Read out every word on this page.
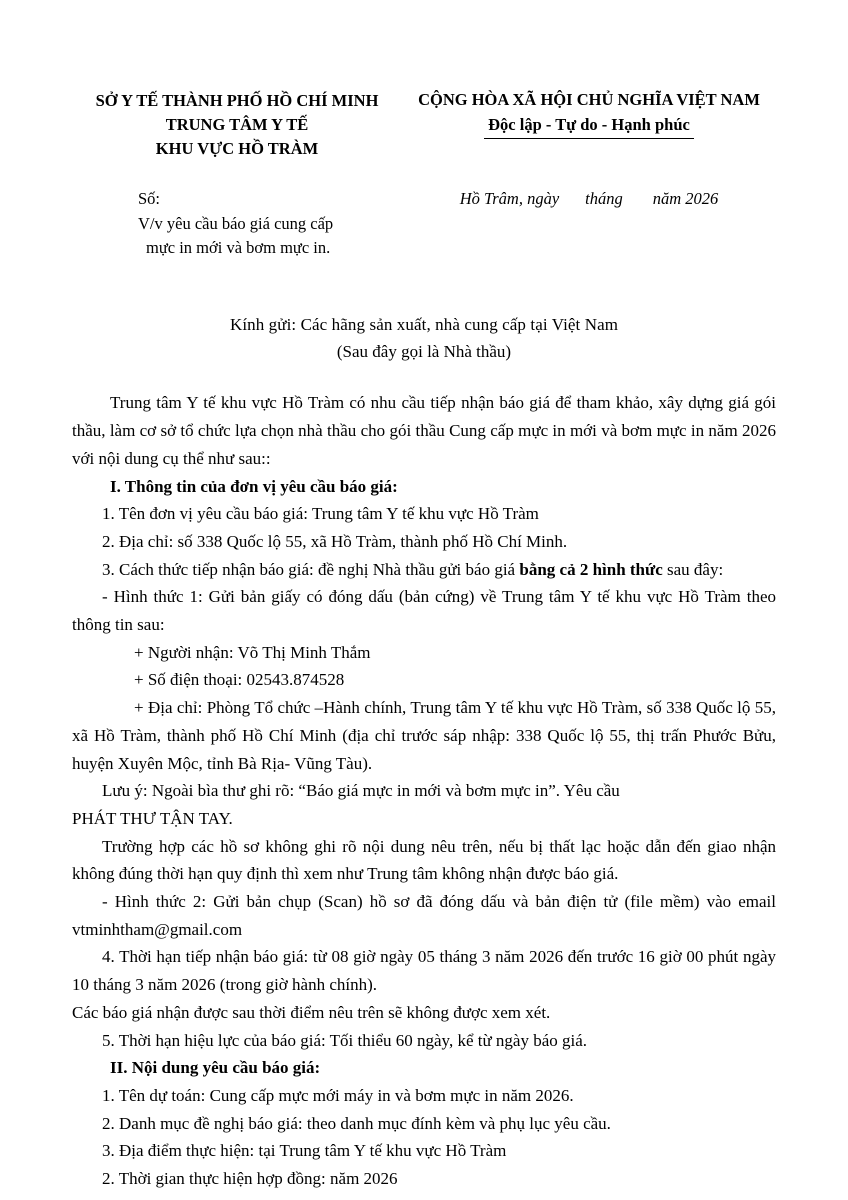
SỞ Y TẾ THÀNH PHỐ HỒ CHÍ MINH
TRUNG TÂM Y TẾ
KHU VỰC HỒ TRÀM
CỘNG HÒA XÃ HỘI CHỦ NGHĨA VIỆT NAM
Độc lập - Tự do - Hạnh phúc
Số:
V/v yêu cầu báo giá cung cấp
mực in mới và bơm mực in.
Hồ Trâm, ngày tháng năm 2026
Kính gửi: Các hãng sản xuất, nhà cung cấp tại Việt Nam
(Sau đây gọi là Nhà thầu)

Trung tâm Y tế khu vực Hồ Tràm có nhu cầu tiếp nhận báo giá để tham khảo, xây dựng giá gói thầu, làm cơ sở tổ chức lựa chọn nhà thầu cho gói thầu Cung cấp mực in mới và bơm mực in năm 2026 với nội dung cụ thể như sau::

I. Thông tin của đơn vị yêu cầu báo giá:

1. Tên đơn vị yêu cầu báo giá: Trung tâm Y tế khu vực Hồ Tràm

2. Địa chỉ: số 338 Quốc lộ 55, xã Hồ Tràm, thành phố Hồ Chí Minh.

3. Cách thức tiếp nhận báo giá: đề nghị Nhà thầu gửi báo giá bằng cả 2 hình thức sau đây:

- Hình thức 1: Gửi bản giấy có đóng dấu (bản cứng) về Trung tâm Y tế khu vực Hồ Tràm theo thông tin sau:

+ Người nhận: Võ Thị Minh Thắm

+ Số điện thoại: 02543.874528

+ Địa chỉ: Phòng Tổ chức –Hành chính, Trung tâm Y tế khu vực Hồ Tràm, số 338 Quốc lộ 55, xã Hồ Tràm, thành phố Hồ Chí Minh (địa chỉ trước sáp nhập: 338 Quốc lộ 55, thị trấn Phước Bửu, huyện Xuyên Mộc, tỉnh Bà Rịa- Vũng Tàu).

Lưu ý: Ngoài bìa thư ghi rõ: “Báo giá mực in mới và bơm mực in”. Yêu cầu

PHÁT THƯ TẬN TAY.

Trường hợp các hồ sơ không ghi rõ nội dung nêu trên, nếu bị thất lạc hoặc dẫn đến giao nhận không đúng thời hạn quy định thì xem như Trung tâm không nhận được báo giá.

- Hình thức 2: Gửi bản chụp (Scan) hồ sơ đã đóng dấu và bản điện tử (file mềm) vào email vtminhtham@gmail.com

4. Thời hạn tiếp nhận báo giá: từ 08 giờ ngày 05 tháng 3 năm 2026 đến trước 16 giờ 00 phút ngày 10 tháng 3 năm 2026 (trong giờ hành chính).

Các báo giá nhận được sau thời điểm nêu trên sẽ không được xem xét.

5. Thời hạn hiệu lực của báo giá: Tối thiểu 60 ngày, kể từ ngày báo giá.

II. Nội dung yêu cầu báo giá:

1. Tên dự toán: Cung cấp mực mới máy in và bơm mực in năm 2026.

2. Danh mục đề nghị báo giá: theo danh mục đính kèm và phụ lục yêu cầu.

3. Địa điểm thực hiện: tại Trung tâm Y tế khu vực Hồ Tràm

2. Thời gian thực hiện hợp đồng: năm 2026
